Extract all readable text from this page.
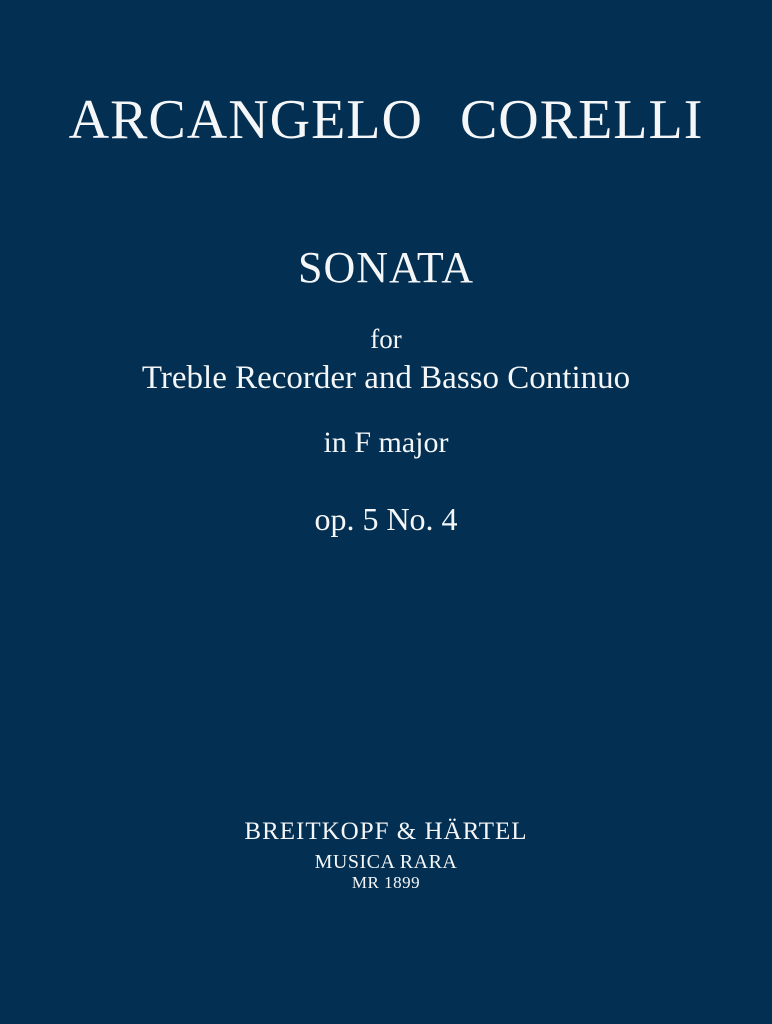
ARCANGELO CORELLI
SONATA
for
Treble Recorder and Basso Continuo
in F major
op. 5 No. 4
BREITKOPF & HÄRTEL
MUSICA RARA
MR 1899
